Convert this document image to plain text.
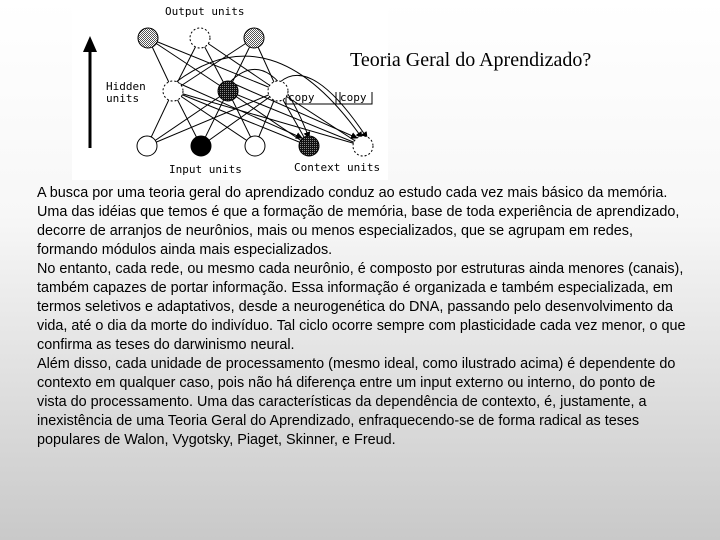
Output units
Hidden
units	copy copy
Input units	Context units
Teoria Geral do Aprendizado?

A busca por uma teoria geral do aprendizado conduz ao estudo cada vez mais básico da memória. Uma das idéias que temos é que a formação de memória, base de toda experiência de aprendizado, decorre de arranjos de neurônios, mais ou menos especializados, que se agrupam em redes, formando módulos ainda mais especializados.

No entanto, cada rede, ou mesmo cada neurônio, é composto por estruturas ainda menores (canais), também capazes de portar informação. Essa informação é organizada e também especializada, em termos seletivos e adaptativos, desde a neurogenética do DNA, passando pelo desenvolvimento da vida, até o dia da morte do indivíduo. Tal ciclo ocorre sempre com plasticidade cada vez menor, o que confirma as teses do darwinismo neural.

Além disso, cada unidade de processamento (mesmo ideal, como ilustrado acima) é dependente do contexto em qualquer caso, pois não há diferença entre um input externo ou interno, do ponto de vista do processamento. Uma das características da dependência de contexto, é, justamente, a inexistência de uma Teoria Geral do Aprendizado, enfraquecendo-se de forma radical as teses populares de Walon, Vygotsky, Piaget, Skinner, e Freud.
